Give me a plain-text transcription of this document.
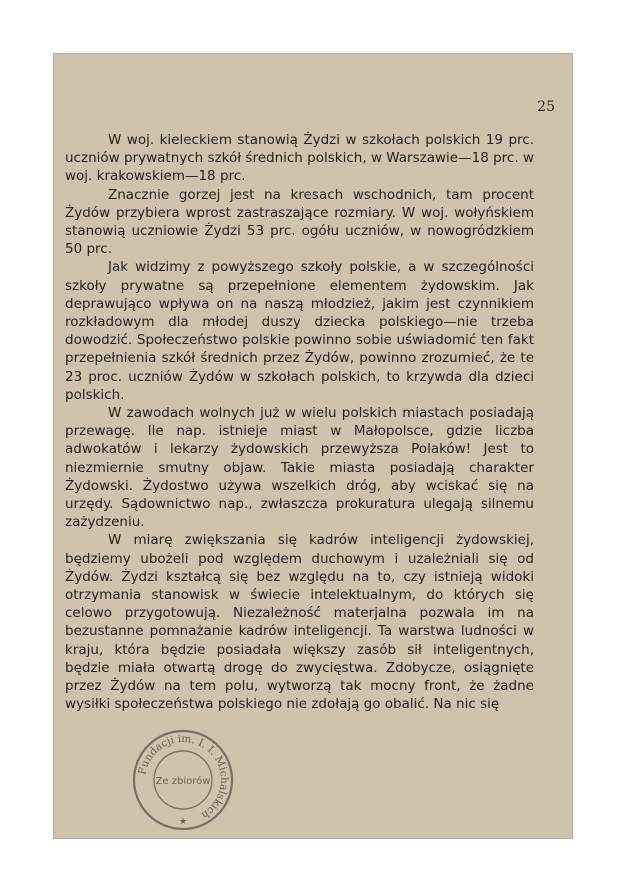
25

W woj. kieleckiem stanowią Żydzi w szkołach polskich 19 prc. uczniów prywatnych szkół średnich polskich, w Warszawie—18 prc. w woj. krakowskiem—18 prc.

Znacznie gorzej jest na kresach wschodnich, tam procent Żydów przybiera wprost zastraszające rozmiary. W woj. wołyńskiem stanowią uczniowie Żydzi 53 prc. ogółu uczniów, w nowogródzkiem 50 prc.

Jak widzimy z powyższego szkoły polskie, a w szczególności szkoły prywatne są przepełnione elementem żydowskim. Jak deprawująco wpływa on na naszą młodzież, jakim jest czynnikiem rozkładowym dla młodej duszy dziecka polskiego—nie trzeba dowodzić. Społeczeństwo polskie powinno sobie uświadomić ten fakt przepełnienia szkół średnich przez Żydów, powinno zrozumieć, że te 23 proc. uczniów Żydów w szkołach polskich, to krzywda dla dzieci polskich.

W zawodach wolnych już w wielu polskich miastach posiadają przewagę. Ile nap. istnieje miast w Małopolsce, gdzie liczba adwokatów i lekarzy żydowskich przewyższa Polaków! Jest to niezmiernie smutny objaw. Takie miasta posiadają charakter Żydowski. Żydostwo używa wszelkich dróg, aby wciskać się na urzędy. Sądownictwo nap., zwłaszcza prokuratura ulegają silnemu zażydzeniu.

W miarę zwiększania się kadrów inteligencji żydowskiej, będziemy ubożeli pod względem duchowym i uzależniali się od Żydów. Żydzi kształcą się bez względu na to, czy istnieją widoki otrzymania stanowisk w świecie intelektualnym, do których się celowo przygotowują. Niezależność materjalna pozwala im na bezustanne pomnażanie kadrów inteligencji. Ta warstwa ludności w kraju, która będzie posiadała większy zasób sił inteligentnych, będzie miała otwartą drogę do zwycięstwa. Zdobycze, osiągnięte przez Żydów na tem polu, wytworzą tak mocny front, że żadne wysiłki społeczeństwa polskiego nie zdołają go obalić. Na nic się

Fundacji im. I. I. Michalskich
Ze zbiorów
★
